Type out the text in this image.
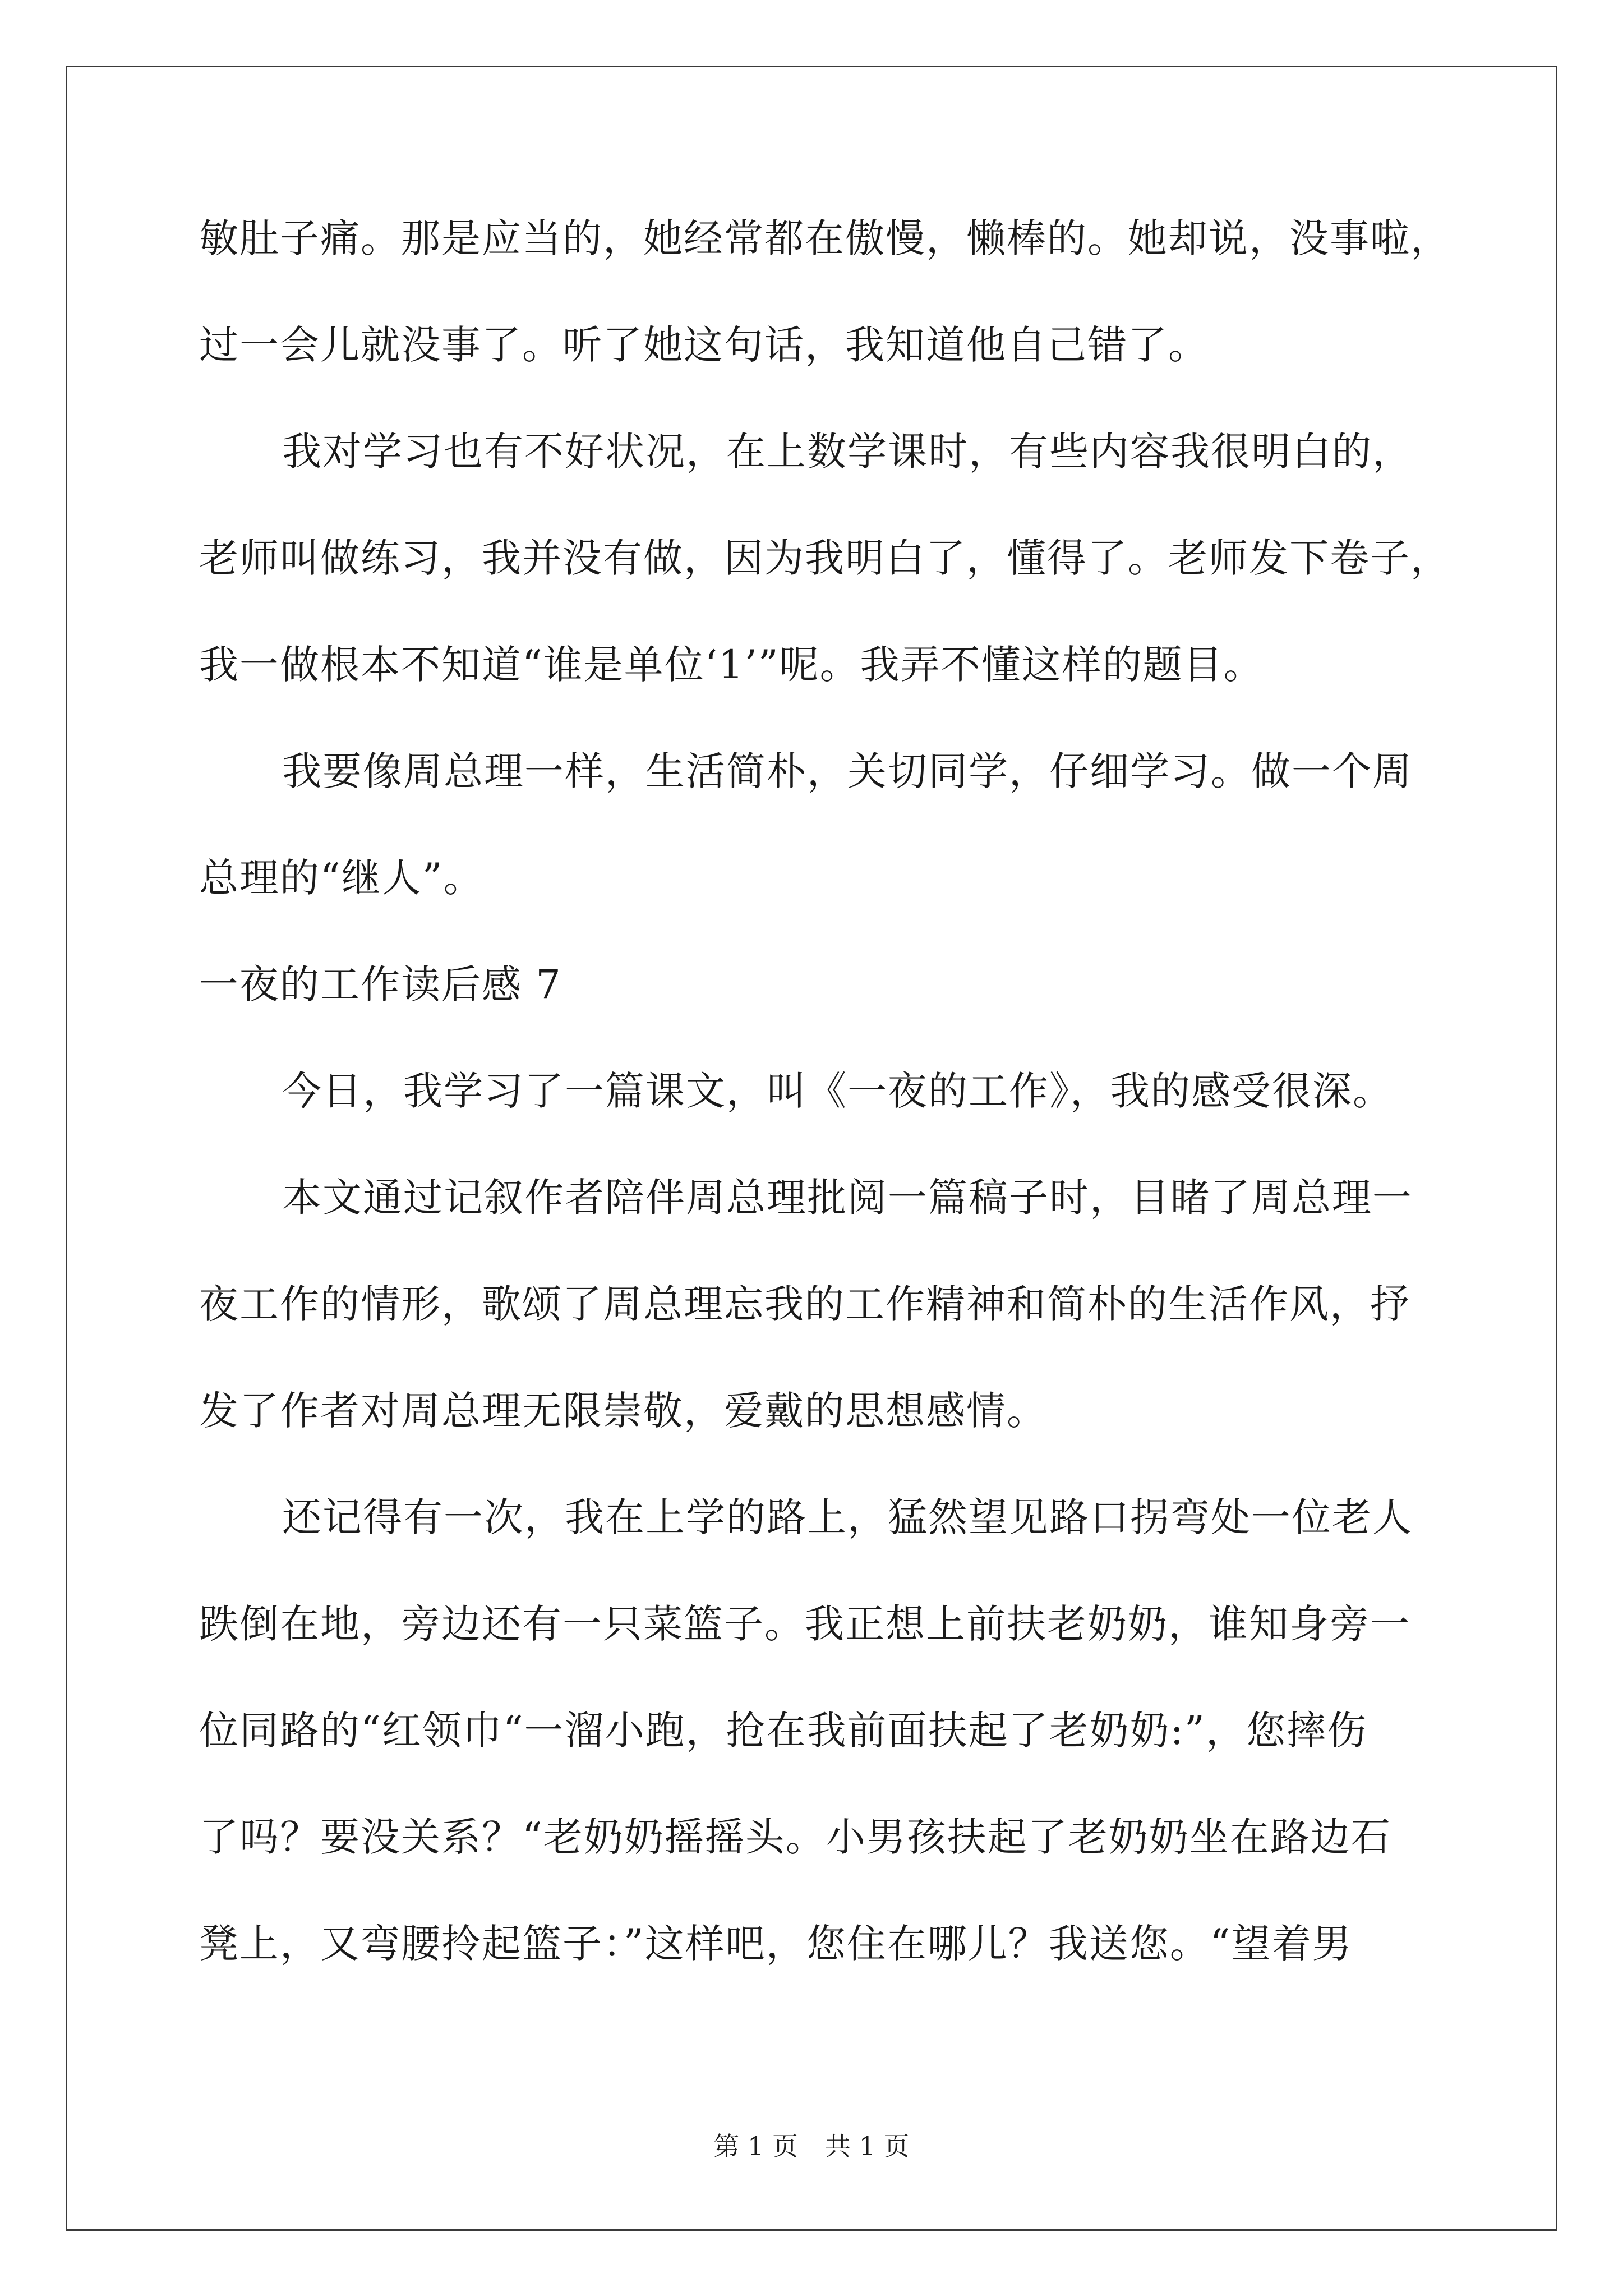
敏肚子痛。那是应当的，她经常都在傲慢，懒棒的。她却说，没事啦，
过一会儿就没事了。听了她这句话，我知道他自己错了。
我对学习也有不好状况，在上数学课时，有些内容我很明白的，
老师叫做练习，我并没有做，因为我明白了，懂得了。老师发下卷子，
我一做根本不知道“谁是单位‘1’”呢。我弄不懂这样的题目。
我要像周总理一样，生活简朴，关切同学，仔细学习。做一个周
总理的“继人”。
一夜的工作读后感 7
今日，我学习了一篇课文，叫《一夜的工作》，我的感受很深。
本文通过记叙作者陪伴周总理批阅一篇稿子时，目睹了周总理一
夜工作的情形，歌颂了周总理忘我的工作精神和简朴的生活作风，抒
发了作者对周总理无限崇敬，爱戴的思想感情。
还记得有一次，我在上学的路上，猛然望见路口拐弯处一位老人
跌倒在地，旁边还有一只菜篮子。我正想上前扶老奶奶，谁知身旁一
位同路的“红领巾“一溜小跑，抢在我前面扶起了老奶奶:”，您摔伤
了吗？要没关系？“老奶奶摇摇头。小男孩扶起了老奶奶坐在路边石
凳上，又弯腰拎起篮子：”这样吧，您住在哪儿？我送您。“望着男
第 1 页 共 1 页
